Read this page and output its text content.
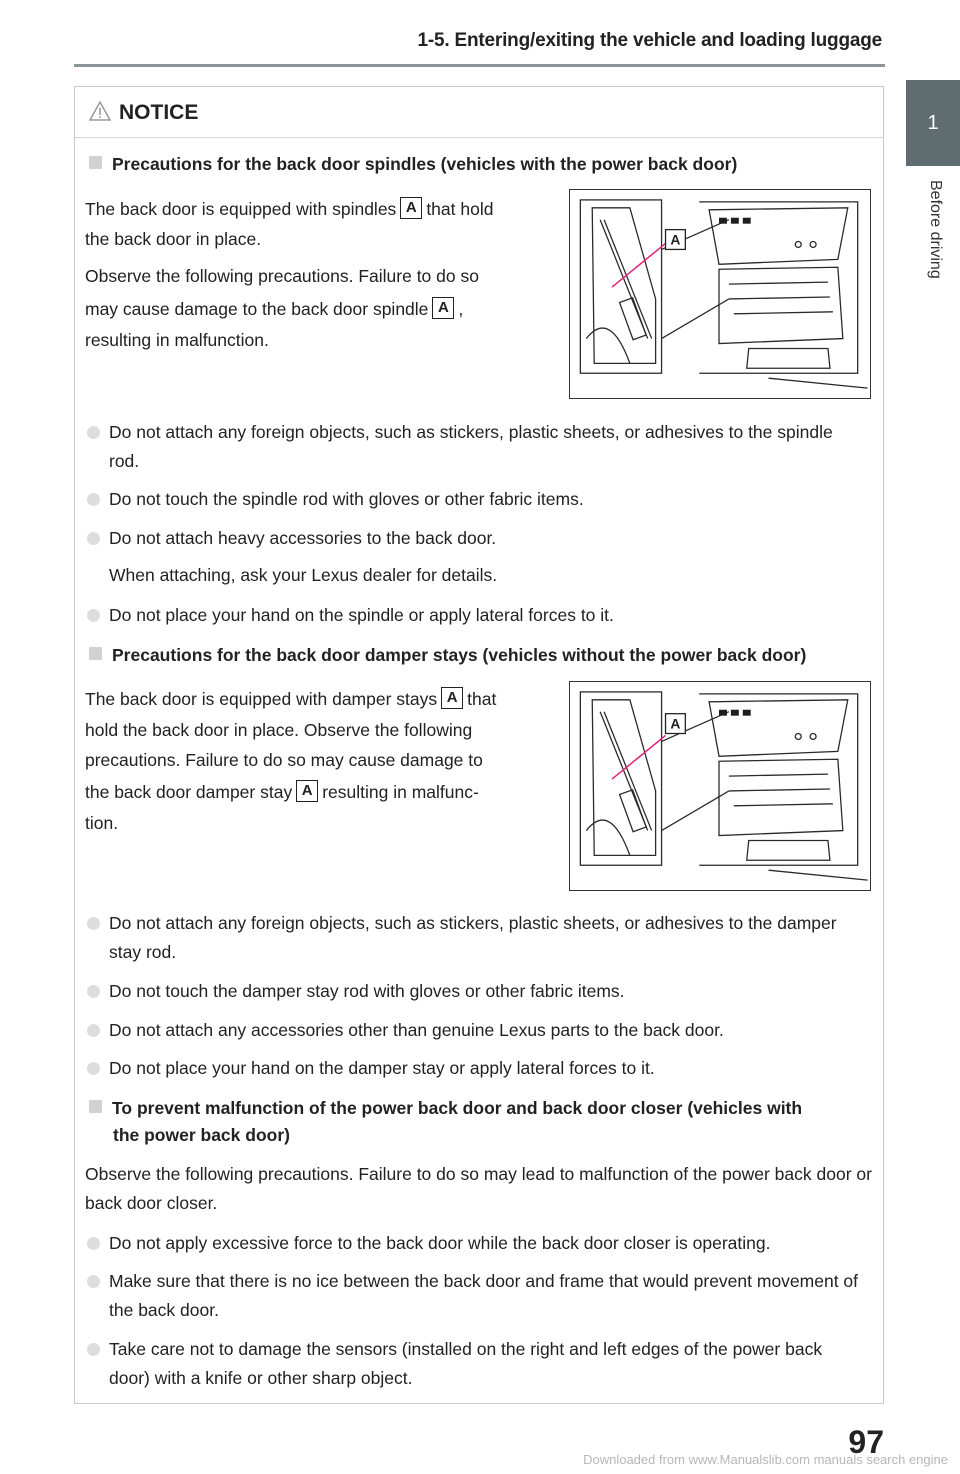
1-5. Entering/exiting the vehicle and loading luggage
1
Before driving
NOTICE
Precautions for the back door spindles (vehicles with the power back door)
The back door is equipped with spindles A that hold
the back door in place.
Observe the following precautions. Failure to do so
may cause damage to the back door spindle A ,
resulting in malfunction.
A
Do not attach any foreign objects, such as stickers, plastic sheets, or adhesives to the spindle rod.
Do not touch the spindle rod with gloves or other fabric items.
Do not attach heavy accessories to the back door.
When attaching, ask your Lexus dealer for details.
Do not place your hand on the spindle or apply lateral forces to it.
Precautions for the back door damper stays (vehicles without the power back door)
The back door is equipped with damper stays A that
hold the back door in place. Observe the following
precautions. Failure to do so may cause damage to
the back door damper stay A resulting in malfunc-
tion.
A
Do not attach any foreign objects, such as stickers, plastic sheets, or adhesives to the damper stay rod.
Do not touch the damper stay rod with gloves or other fabric items.
Do not attach any accessories other than genuine Lexus parts to the back door.
Do not place your hand on the damper stay or apply lateral forces to it.
To prevent malfunction of the power back door and back door closer (vehicles with
the power back door)
Observe the following precautions. Failure to do so may lead to malfunction of the power back door or back door closer.
Do not apply excessive force to the back door while the back door closer is operating.
Make sure that there is no ice between the back door and frame that would prevent movement of the back door.
Take care not to damage the sensors (installed on the right and left edges of the power back door) with a knife or other sharp object.
97
Downloaded from www.Manualslib.com manuals search engine
